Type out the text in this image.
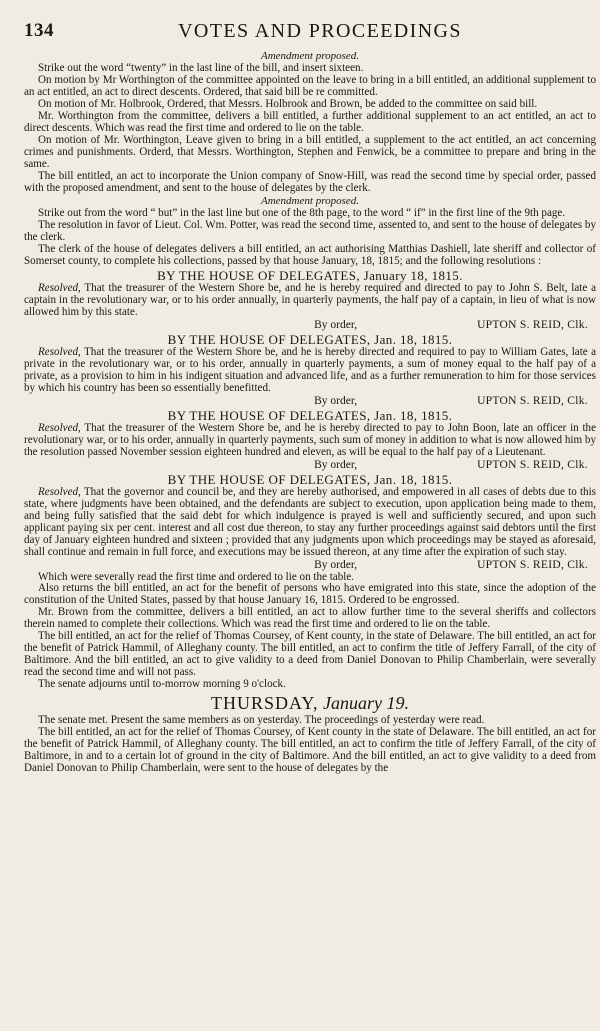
134	VOTES AND PROCEEDINGS

Amendment proposed.

Strike out the word “twenty” in the last line of the bill, and insert sixteen.

On motion by Mr Worthington of the committee appointed on the leave to bring in a bill entitled, an additional supplement to an act entitled, an act to direct descents. Ordered, that said bill be re committed.

On motion of Mr. Holbrook, Ordered, that Messrs. Holbrook and Brown, be added to the committee on said bill.

Mr. Worthington from the committee, delivers a bill entitled, a further additional supplement to an act entitled, an act to direct descents. Which was read the first time and ordered to lie on the table.

On motion of Mr. Worthington, Leave given to bring in a bill entitled, a supplement to the act entitled, an act concerning crimes and punishments. Orderd, that Messrs. Worthington, Stephen and Fenwick, be a committee to prepare and bring in the same.

The bill entitled, an act to incorporate the Union company of Snow-Hill, was read the second time by special order, passed with the proposed amendment, and sent to the house of delegates by the clerk.

Amendment proposed.

Strike out from the word “ but” in the last line but one of the 8th page, to the word “ if” in the first line of the 9th page.

The resolution in favor of Lieut. Col. Wm. Potter, was read the second time, assented to, and sent to the house of delegates by the clerk.

The clerk of the house of delegates delivers a bill entitled, an act authorising Matthias Dashiell, late sheriff and collector of Somerset county, to complete his collections, passed by that house January, 18, 1815; and the following resolutions :

BY THE HOUSE OF DELEGATES, January 18, 1815.

Resolved, That the treasurer of the Western Shore be, and he is hereby required and directed to pay to John S. Belt, late a captain in the revolutionary war, or to his order annually, in quarterly payments, the half pay of a captain, in lieu of what is now allowed him by this state.

By order,	UPTON S. REID, Clk.

BY THE HOUSE OF DELEGATES, Jan. 18, 1815.

Resolved, That the treasurer of the Western Shore be, and he is hereby directed and required to pay to William Gates, late a private in the revolutionary war, or to his order, annually in quarterly payments, a sum of money equal to the half pay of a private, as a provision to him in his indigent situation and advanced life, and as a further remuneration to him for those services by which his country has been so essentially benefitted.

By order,	UPTON S. REID, Clk.

BY THE HOUSE OF DELEGATES, Jan. 18, 1815.

Resolved, That the treasurer of the Western Shore be, and he is hereby directed to pay to John Boon, late an officer in the revolutionary war, or to his order, annually in quarterly payments, such sum of money in addition to what is now allowed him by the resolution passed November session eighteen hundred and eleven, as will be equal to the half pay of a Lieutenant.

By order,	UPTON S. REID, Clk.

BY THE HOUSE OF DELEGATES, Jan. 18, 1815.

Resolved, That the governor and council be, and they are hereby authorised, and empowered in all cases of debts due to this state, where judgments have been obtained, and the defendants are subject to execution, upon application being made to them, and being fully satisfied that the said debt for which indulgence is prayed is well and sufficiently secured, and upon such applicant paying six per cent. interest and all cost due thereon, to stay any further proceedings against said debtors until the first day of January eighteen hundred and sixteen ; provided that any judgments upon which proceedings may be stayed as aforesaid, shall continue and remain in full force, and executions may be issued thereon, at any time after the expiration of such stay.

By order,	UPTON S. REID, Clk.

Which were severally read the first time and ordered to lie on the table.

Also returns the bill entitled, an act for the benefit of persons who have emigrated into this state, since the adoption of the constitution of the United States, passed by that house January 16, 1815. Ordered to be engrossed.

Mr. Brown from the committee, delivers a bill entitled, an act to allow further time to the several sheriffs and collectors therein named to complete their collections. Which was read the first time and ordered to lie on the table.

The bill entitled, an act for the relief of Thomas Coursey, of Kent county, in the state of Delaware. The bill entitled, an act for the benefit of Patrick Hammil, of Alleghany county. The bill entitled, an act to confirm the title of Jeffery Farrall, of the city of Baltimore. And the bill entitled, an act to give validity to a deed from Daniel Donovan to Philip Chamberlain, were severally read the second time and will not pass.

The senate adjourns until to-morrow morning 9 o'clock.

THURSDAY, January 19.

The senate met. Present the same members as on yesterday. The proceedings of yesterday were read.

The bill entitled, an act for the relief of Thomas Coursey, of Kent county in the state of Delaware. The bill entitled, an act for the benefit of Patrick Hammil, of Alleghany county. The bill entitled, an act to confirm the title of Jeffery Farrall, of the city of Baltimore, in and to a certain lot of ground in the city of Baltimore. And the bill entitled, an act to give validity to a deed from Daniel Donovan to Philip Chamberlain, were sent to the house of delegates by the
